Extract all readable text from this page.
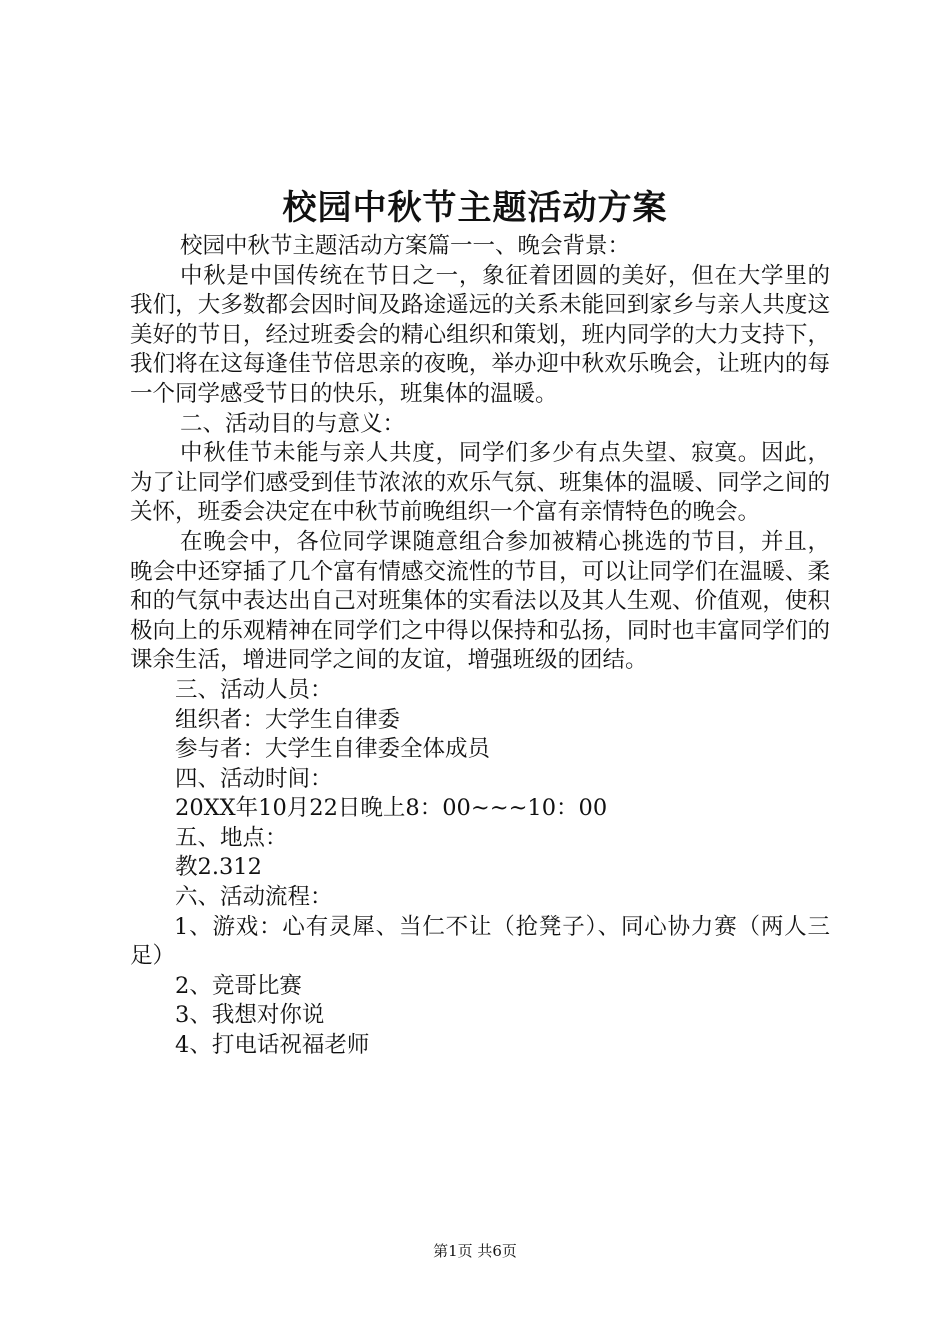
校园中秋节主题活动方案

校园中秋节主题活动方案篇一一、晚会背景：

中秋是中国传统在节日之一，象征着团圆的美好，但在大学里的我们，大多数都会因时间及路途遥远的关系未能回到家乡与亲人共度这美好的节日，经过班委会的精心组织和策划，班内同学的大力支持下，我们将在这每逢佳节倍思亲的夜晚，举办迎中秋欢乐晚会，让班内的每一个同学感受节日的快乐，班集体的温暖。

二、活动目的与意义：

中秋佳节未能与亲人共度，同学们多少有点失望、寂寞。因此，为了让同学们感受到佳节浓浓的欢乐气氛、班集体的温暖、同学之间的关怀，班委会决定在中秋节前晚组织一个富有亲情特色的晚会。

在晚会中，各位同学课随意组合参加被精心挑选的节目，并且，晚会中还穿插了几个富有情感交流性的节目，可以让同学们在温暖、柔和的气氛中表达出自己对班集体的实看法以及其人生观、价值观，使积极向上的乐观精神在同学们之中得以保持和弘扬，同时也丰富同学们的课余生活，增进同学之间的友谊，增强班级的团结。

三、活动人员：

组织者：大学生自律委

参与者：大学生自律委全体成员

四、活动时间：

20XX年10月22日晚上8：00~~~10：00

五、地点：

教2.312

六、活动流程：

1、游戏：心有灵犀、当仁不让（抢凳子）、同心协力赛（两人三足）

2、竞哥比赛

3、我想对你说

4、打电话祝福老师

第1页 共6页
